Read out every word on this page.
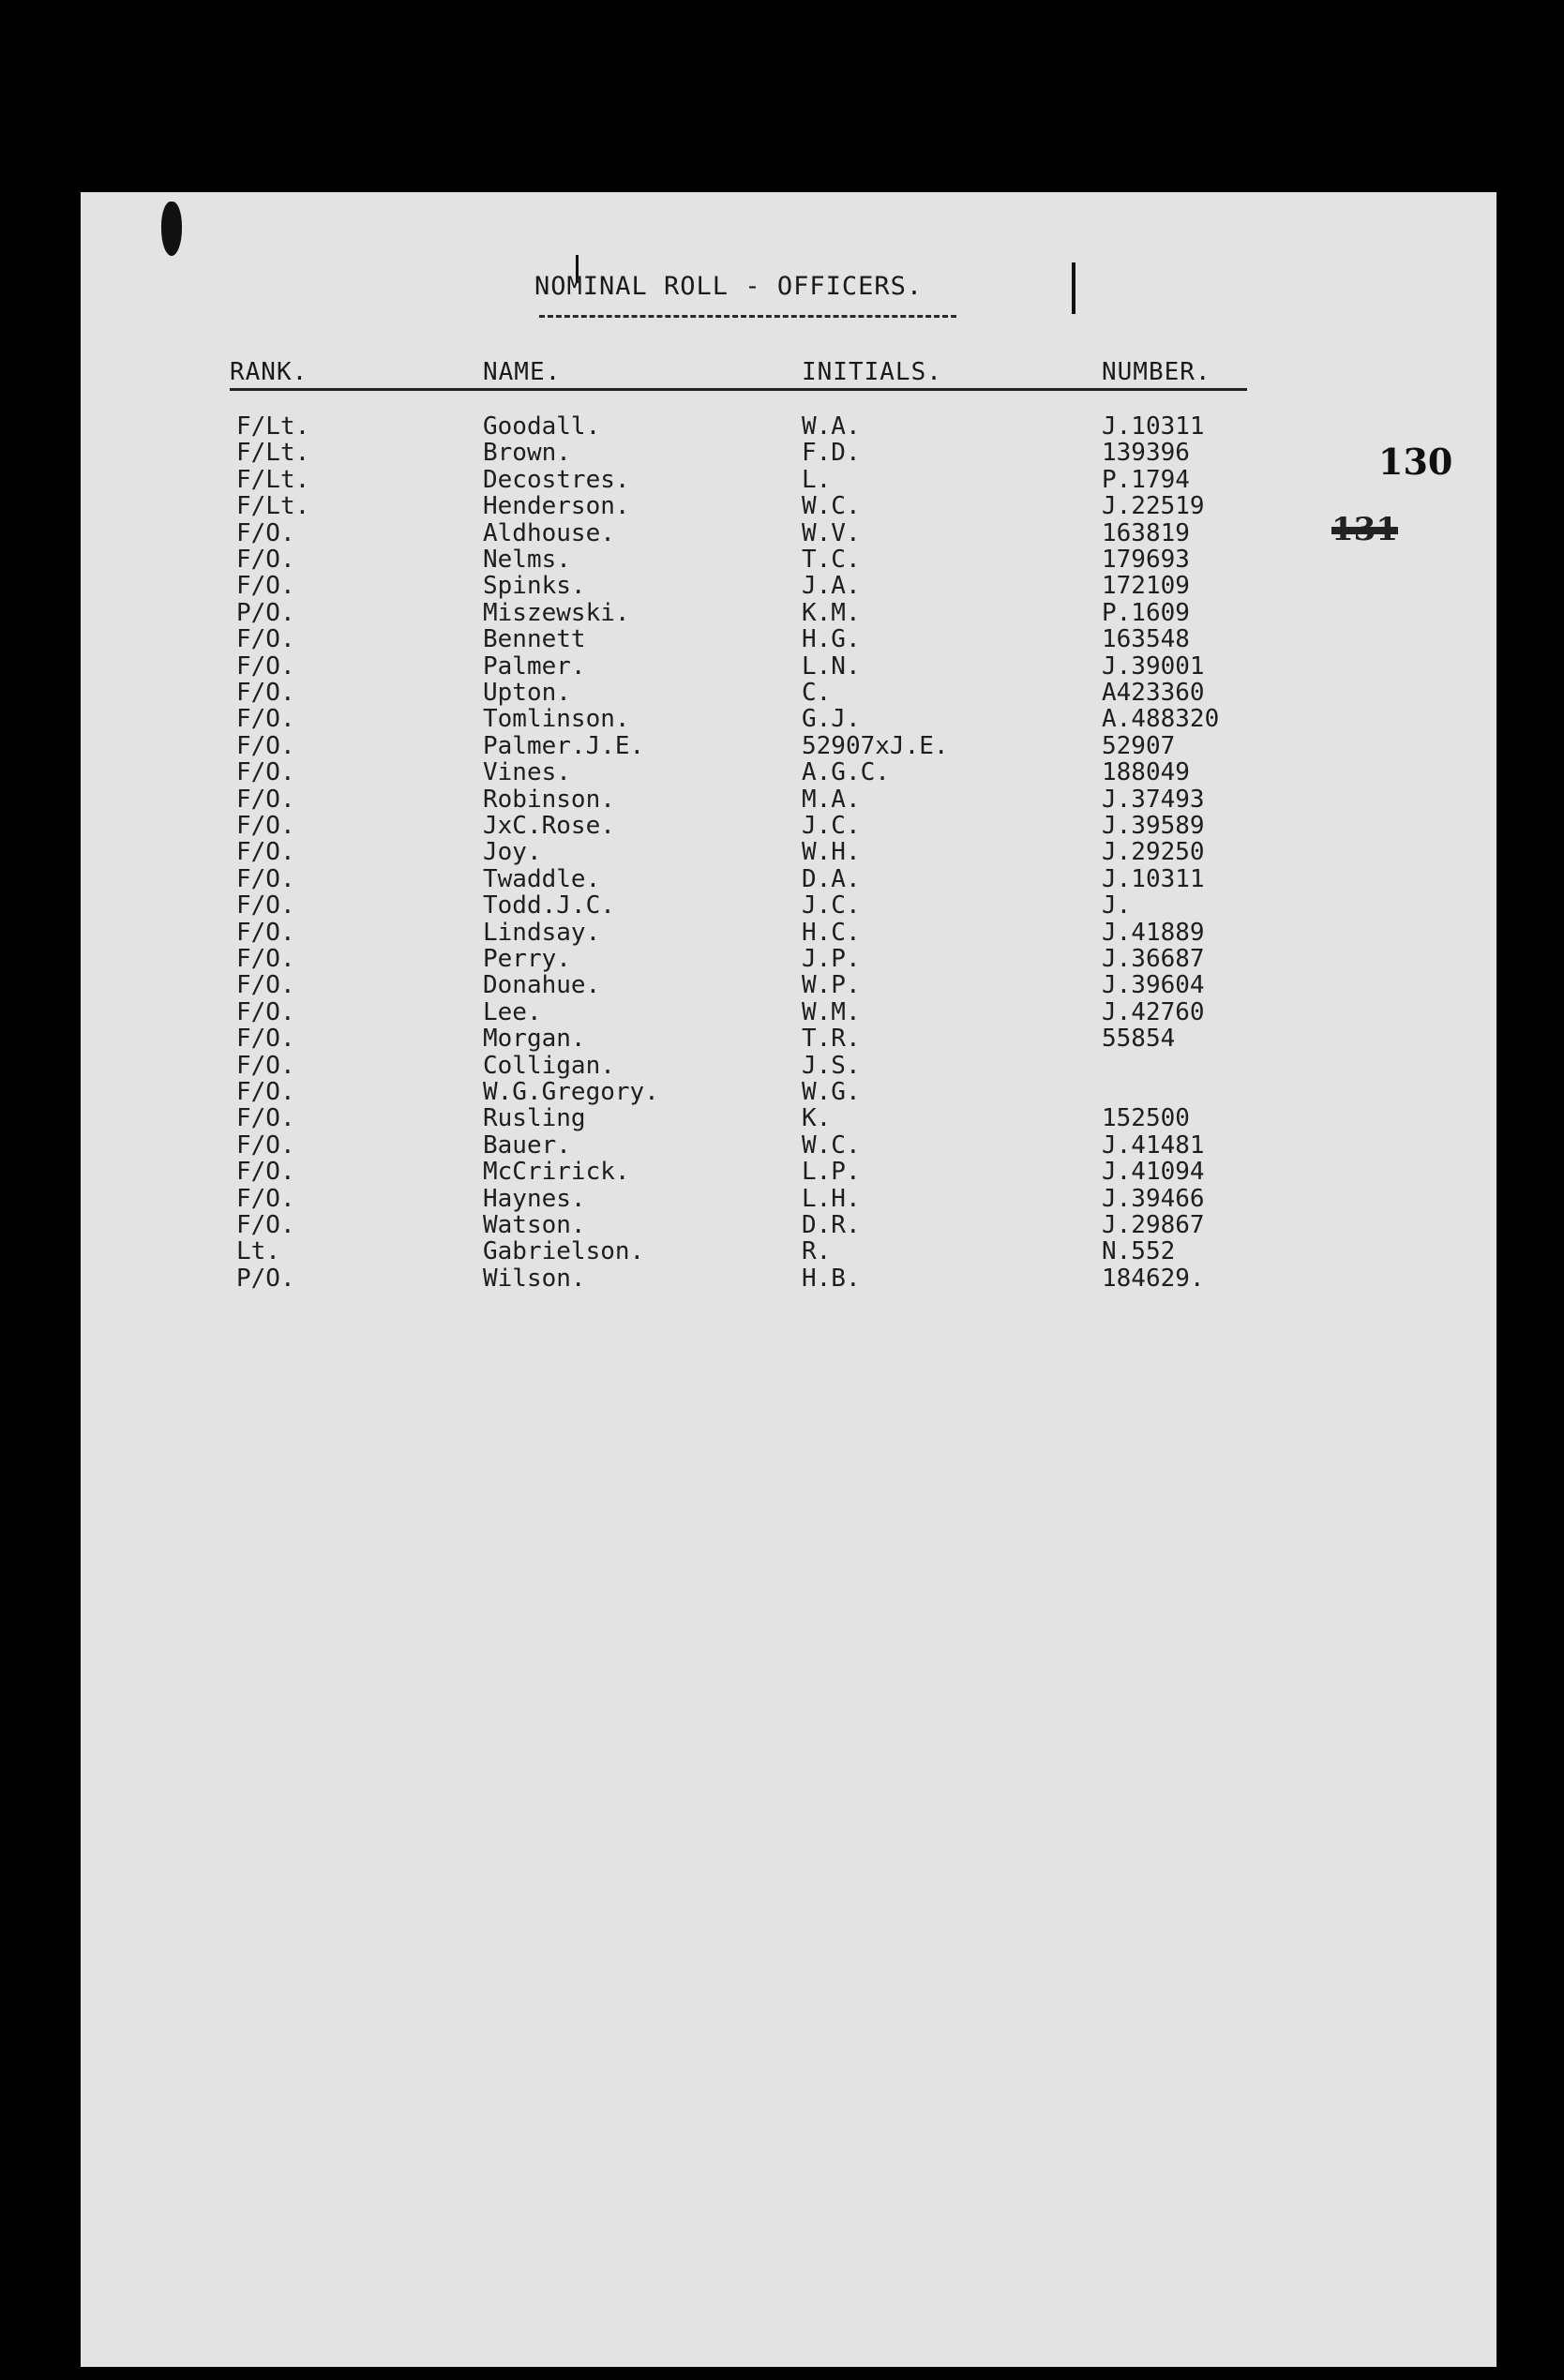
NOMINAL ROLL - OFFICERS.
RANK.	NAME.	INITIALS.	NUMBER.
F/Lt.	Goodall.	W.A.	J.10311
F/Lt.	Brown.	F.D.	139396
F/Lt.	Decostres.	L.	P.1794
F/Lt.	Henderson.	W.C.	J.22519
F/O.	Aldhouse.	W.V.	163819
F/O.	Nelms.	T.C.	179693
F/O.	Spinks.	J.A.	172109
P/O.	Miszewski.	K.M.	P.1609
F/O.	Bennett	H.G.	163548
F/O.	Palmer.	L.N.	J.39001
F/O.	Upton.	C.	A423360
F/O.	Tomlinson.	G.J.	A.488320
F/O.	Palmer.J.E.	52907xJ.E.	52907
F/O.	Vines.	A.G.C.	188049
F/O.	Robinson.	M.A.	J.37493
F/O.	JxC.Rose.	J.C.	J.39589
F/O.	Joy.	W.H.	J.29250
F/O.	Twaddle.	D.A.	J.10311
F/O.	Todd.J.C.	J.C.	J.
F/O.	Lindsay.	H.C.	J.41889
F/O.	Perry.	J.P.	J.36687
F/O.	Donahue.	W.P.	J.39604
F/O.	Lee.	W.M.	J.42760
F/O.	Morgan.	T.R.	55854
F/O.	Colligan.	J.S.
F/O.	W.G.Gregory.	W.G.
F/O.	Rusling	K.	152500
F/O.	Bauer.	W.C.	J.41481
F/O.	McCririck.	L.P.	J.41094
F/O.	Haynes.	L.H.	J.39466
F/O.	Watson.	D.R.	J.29867
Lt.	Gabrielson.	R.	N.552
P/O.	Wilson.	H.B.	184629.
130
131
